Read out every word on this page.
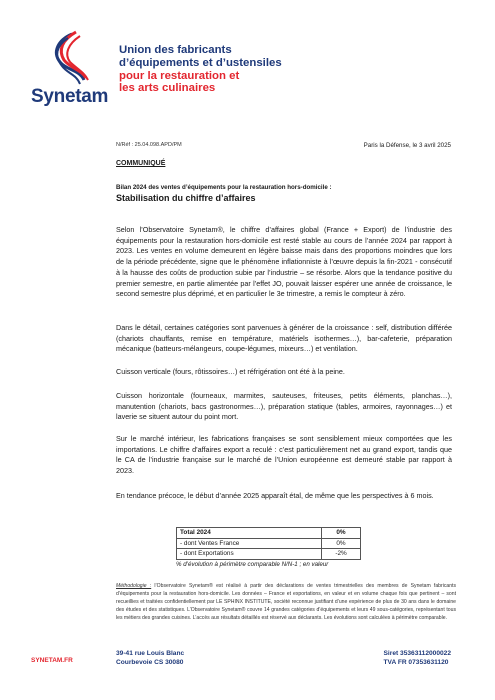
Synetam
Union des fabricants
d’équipements et d’ustensiles
pour la restauration et
les arts culinaires
N/Réf : 25.04.098.APD/PM	Paris la Défense, le 3 avril 2025
COMMUNIQUÉ
Bilan 2024 des ventes d’équipements pour la restauration hors-domicile :
Stabilisation du chiffre d’affaires
Selon l’Observatoire Synetam®, le chiffre d’affaires global (France + Export) de l’industrie des équipements pour la restauration hors-domicile est resté stable au cours de l’année 2024 par rapport à 2023. Les ventes en volume demeurent en légère baisse mais dans des proportions moindres que lors de la période précédente, signe que le phénomène inflationniste à l’œuvre depuis la fin-2021 - consécutif à la hausse des coûts de production subie par l’industrie – se résorbe. Alors que la tendance positive du premier semestre, en partie alimentée par l’effet JO, pouvait laisser espérer une année de croissance, le second semestre plus déprimé, et en particulier le 3e trimestre, a remis le compteur à zéro.
Dans le détail, certaines catégories sont parvenues à générer de la croissance : self, distribution différée (chariots chauffants, remise en température, matériels isothermes…), bar-cafeterie, préparation mécanique (batteurs-mélangeurs, coupe-légumes, mixeurs…) et ventilation.
Cuisson verticale (fours, rôtissoires…) et réfrigération ont été à la peine.
Cuisson horizontale (fourneaux, marmites, sauteuses, friteuses, petits éléments, planchas…), manutention (chariots, bacs gastronormes…), préparation statique (tables, armoires, rayonnages…) et laverie se situent autour du point mort.
Sur le marché intérieur, les fabrications françaises se sont sensiblement mieux comportées que les importations. Le chiffre d’affaires export a reculé : c’est particulièrement net au grand export, tandis que le CA de l’industrie française sur le marché de l’Union européenne est demeuré stable par rapport à 2023.
En tendance précoce, le début d’année 2025 apparaît étal, de même que les perspectives à 6 mois.
Total 2024	0%
- dont Ventes France	0%
- dont Exportations	-2%
% d’évolution à périmètre comparable N/N-1 ; en valeur
Méthodologie : l’Observatoire Synetam® est réalisé à partir des déclarations de ventes trimestrielles des membres de Synetam fabricants d’équipements pour la restauration hors-domicile. Les données – France et exportations, en valeur et en volume chaque fois que pertinent – sont recueillies et traitées confidentiellement par LE SPHINX INSTITUTE, société reconnue justifiant d’une expérience de plus de 30 ans dans le domaine des études et des statistiques. L’Observatoire Synetam® couvre 14 grandes catégories d’équipements et leurs 49 sous-catégories, représentant tous les métiers des grandes cuisines. L’accès aux résultats détaillés est réservé aux déclarants. Les évolutions sont calculées à périmètre comparable.
SYNETAM.FR
39-41 rue Louis Blanc
Courbevoie CS 30080
Siret 35363112000022
TVA FR 07353631120
